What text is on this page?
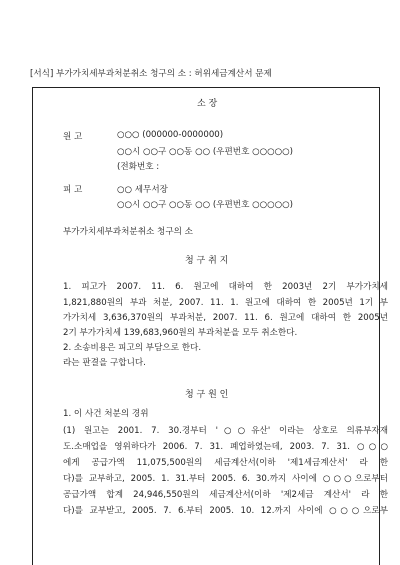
[서식] 부가가치세부과처분취소 청구의 소 : 허위세금계산서 문제
소 장
원 고	○○○ (000000-0000000)
○○시 ○○구 ○○동 ○○ (우편번호 ○○○○○)
(전화번호 :
피 고	○○ 세무서장
○○시 ○○구 ○○동 ○○ (우편번호 ○○○○○)
부가가치세부과처분취소 청구의 소
청 구 취 지
1. 피고가 2007. 11. 6. 원고에 대하여 한 2003년 2기 부가가치세
1,821,880원의 부과 처분, 2007. 11. 1. 원고에 대하여 한 2005년 1기 부
가가치세 3,636,370원의 부과처분, 2007. 11. 6. 원고에 대하여 한 2005년
2기 부가가치세 139,683,960원의 부과처분을 모두 취소한다.
2. 소송비용은 피고의 부담으로 한다.
라는 판결을 구합니다.
청 구 원 인
1. 이 사건 처분의 경위
(1) 원고는 2001. 7. 30.경부터 '○○유산' 이라는 상호로 의류부자재
도.소매업을 영위하다가 2006. 7. 31. 폐업하였는데, 2003. 7. 31. ○○○
에게 공급가액 11,075,500원의 세금계산서(이하 '제1세금계산서' 라 한
다)를 교부하고, 2005. 1. 31.부터 2005. 6. 30.까지 사이에 ○○○으로부터
공급가액 합계 24,946,550원의 세금계산서(이하 '제2세금 계산서' 라 한
다)를 교부받고, 2005. 7. 6.부터 2005. 10. 12.까지 사이에 ○○○으로부
